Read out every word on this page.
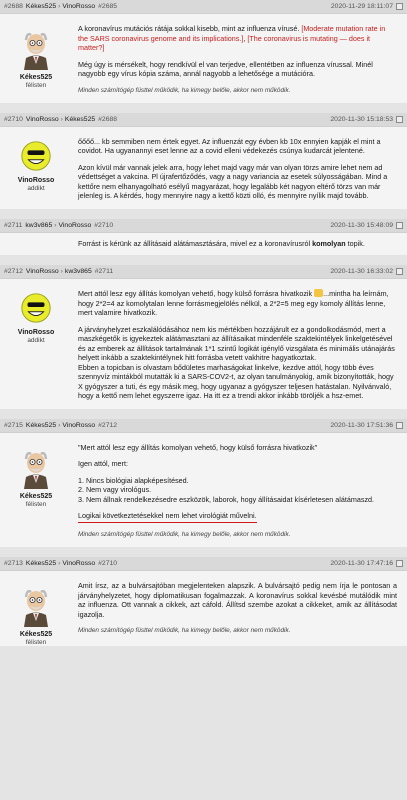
#2688 Kékes525 › VinoRosso #2685	2020-11-29 18:11:07
Kékes525
félisten

A koronavírus mutációs rátája sokkal kisebb, mint az influenza vírusé. [Moderate mutation rate in the SARS coronavirus genome and its implications.], [The coronavirus is mutating — does it matter?]

Még úgy is mérsékelt, hogy rendkívül el van terjedve, ellentétben az influenza vírussal. Minél nagyobb egy vírus kópia száma, annál nagyobb a lehetősége a mutációra.

Minden számítógép füsttel működik, ha kimegy belőle, akkor nem működik.
#2710 VinoRosso › Kékes525 #2688	2020-11-30 15:18:53
VinoRosso
addikt

őőőő... kb semmiben nem értek egyet. Az influenzát egy évben kb 10x ennyien kapják el mint a covidot. Ha ugyanannyi eset lenne az a covid elleni védekezés csúnya kudarcát jelentené.

Azon kívül már vannak jelek arra, hogy lehet majd vagy már van olyan törzs amire lehet nem ad védettséget a vakcina. Pl újrafertőződés, vagy a nagy variancia az esetek súlyosságában. Mind a kettőre nem elhanyagolható esélyű magyarázat, hogy legalább két nagyon eltérő törzs van már jelenleg is. A kérdés, hogy mennyire nagy a kettő közti olló, és mennyire nyílik majd tovább.

#2711 kw3v865 › VinoRosso #2710	2020-11-30 15:48:09

Forrást is kérünk az állításaid alátámasztására, mivel ez a koronavírusról komolyan topik.

#2712 VinoRosso › kw3v865 #2711	2020-11-30 16:33:02
VinoRosso
addikt

Mert attól lesz egy állítás komolyan vehető, hogy külső forrásra hivatkozik ...mintha ha leírnám, hogy 2*2=4 az komolytalan lenne forrásmegjelölés nélkül, a 2*2=5 meg egy komoly állítás lenne, mert valamire hivatkozik.

A járványhelyzet eszkalálódásához nem kis mértékben hozzájárult ez a gondolkodásmód, mert a maszkégetők is igyekeztek alátámasztani az állításaikat mindenféle szaktekintélyek linkelgetésével és az emberek az állítások tartalmának 1*1 szintű logikát igénylő vizsgálata és minimális utánajárás helyett inkább a szaktekintélynek hitt forrásba vetett vakhitre hagyatkoztak.

Ebben a topicban is olvastam bődületes marhaságokat linkelve, kezdve attól, hogy több éves szennyvíz mintákból mutatták ki a SARS-COV2-t, az olyan tanulmányokig, amik bizonyították, hogy X gyógyszer a tuti, és egy másik meg, hogy ugyanaz a gyógyszer teljesen hatástalan. Nyilvánvaló, hogy a kettő nem lehet egyszerre igaz. Ha itt ez a trendi akkor inkább töröljék a hsz-emet.

#2715 Kékes525 › VinoRosso #2712	2020-11-30 17:51:36
Kékes525
félisten

"Mert attól lesz egy állítás komolyan vehető, hogy külső forrásra hivatkozik"

Igen attól, mert:

1. Nincs biológiai alapképesítésed.
2. Nem vagy virológus.
3. Nem állnak rendelkezésedre eszközök, laborok, hogy állításaidat kísérletesen alátámaszd.

Logikai következtetésekkel nem lehet virológiát művelni.

Minden számítógép füsttel működik, ha kimegy belőle, akkor nem működik.
#2713 Kékes525 › VinoRosso #2710	2020-11-30 17:47:16
Kékes525
félisten

Amit írsz, az a bulvársajtóban megjelenteken alapszik. A bulvársajtó pedig nem írja le pontosan a járványhelyzetet, hogy diplomatikusan fogalmazzak. A koronavírus sokkal kevésbé mutálódik mint az influenza. Ott vannak a cikkek, azt cáfold. Állítsd szembe azokat a cikkeket, amik az állításodat igazolja.

Minden számítógép füsttel működik, ha kimegy belőle, akkor nem működik.
